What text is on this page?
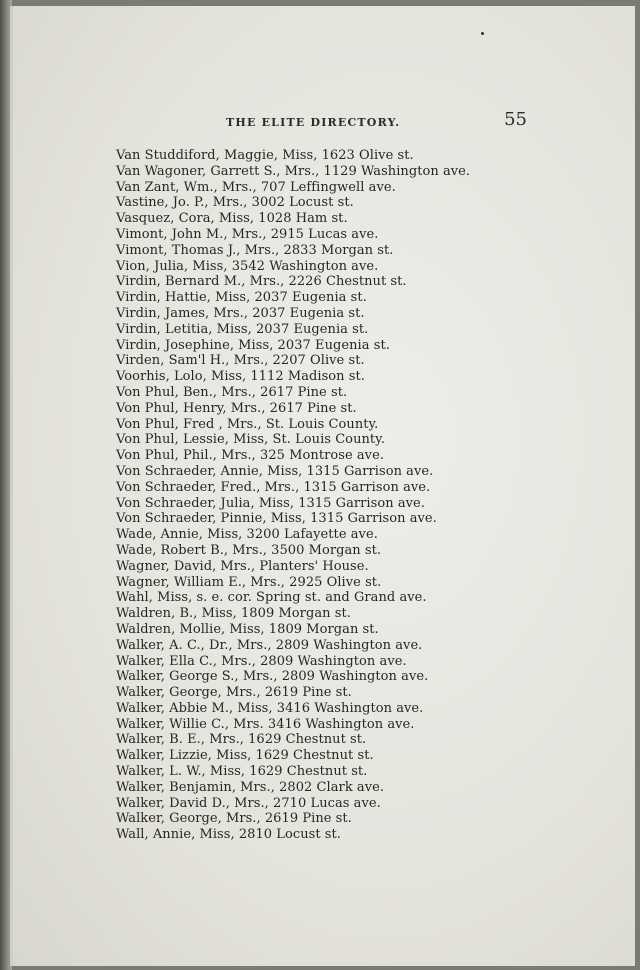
THE ELITE DIRECTORY.	55
Van Studdiford, Maggie, Miss, 1623 Olive st.
Van Wagoner, Garrett S., Mrs., 1129 Washington ave.
Van Zant, Wm., Mrs., 707 Leffingwell ave.
Vastine, Jo. P., Mrs., 3002 Locust st.
Vasquez, Cora, Miss, 1028 Ham st.
Vimont, John M., Mrs., 2915 Lucas ave.
Vimont, Thomas J., Mrs., 2833 Morgan st.
Vion, Julia, Miss, 3542 Washington ave.
Virdin, Bernard M., Mrs., 2226 Chestnut st.
Virdin, Hattie, Miss, 2037 Eugenia st.
Virdin, James, Mrs., 2037 Eugenia st.
Virdin, Letitia, Miss, 2037 Eugenia st.
Virdin, Josephine, Miss, 2037 Eugenia st.
Virden, Sam'l H., Mrs., 2207 Olive st.
Voorhis, Lolo, Miss, 1112 Madison st.
Von Phul, Ben., Mrs., 2617 Pine st.
Von Phul, Henry, Mrs., 2617 Pine st.
Von Phul, Fred , Mrs., St. Louis County.
Von Phul, Lessie, Miss, St. Louis County.
Von Phul, Phil., Mrs., 325 Montrose ave.
Von Schraeder, Annie, Miss, 1315 Garrison ave.
Von Schraeder, Fred., Mrs., 1315 Garrison ave.
Von Schraeder, Julia, Miss, 1315 Garrison ave.
Von Schraeder, Pinnie, Miss, 1315 Garrison ave.
Wade, Annie, Miss, 3200 Lafayette ave.
Wade, Robert B., Mrs., 3500 Morgan st.
Wagner, David, Mrs., Planters' House.
Wagner, William E., Mrs., 2925 Olive st.
Wahl, Miss, s. e. cor. Spring st. and Grand ave.
Waldren, B., Miss, 1809 Morgan st.
Waldren, Mollie, Miss, 1809 Morgan st.
Walker, A. C., Dr., Mrs., 2809 Washington ave.
Walker, Ella C., Mrs., 2809 Washington ave.
Walker, George S., Mrs., 2809 Washington ave.
Walker, George, Mrs., 2619 Pine st.
Walker, Abbie M., Miss, 3416 Washington ave.
Walker, Willie C., Mrs. 3416 Washington ave.
Walker, B. E., Mrs., 1629 Chestnut st.
Walker, Lizzie, Miss, 1629 Chestnut st.
Walker, L. W., Miss, 1629 Chestnut st.
Walker, Benjamin, Mrs., 2802 Clark ave.
Walker, David D., Mrs., 2710 Lucas ave.
Walker, George, Mrs., 2619 Pine st.
Wall, Annie, Miss, 2810 Locust st.
